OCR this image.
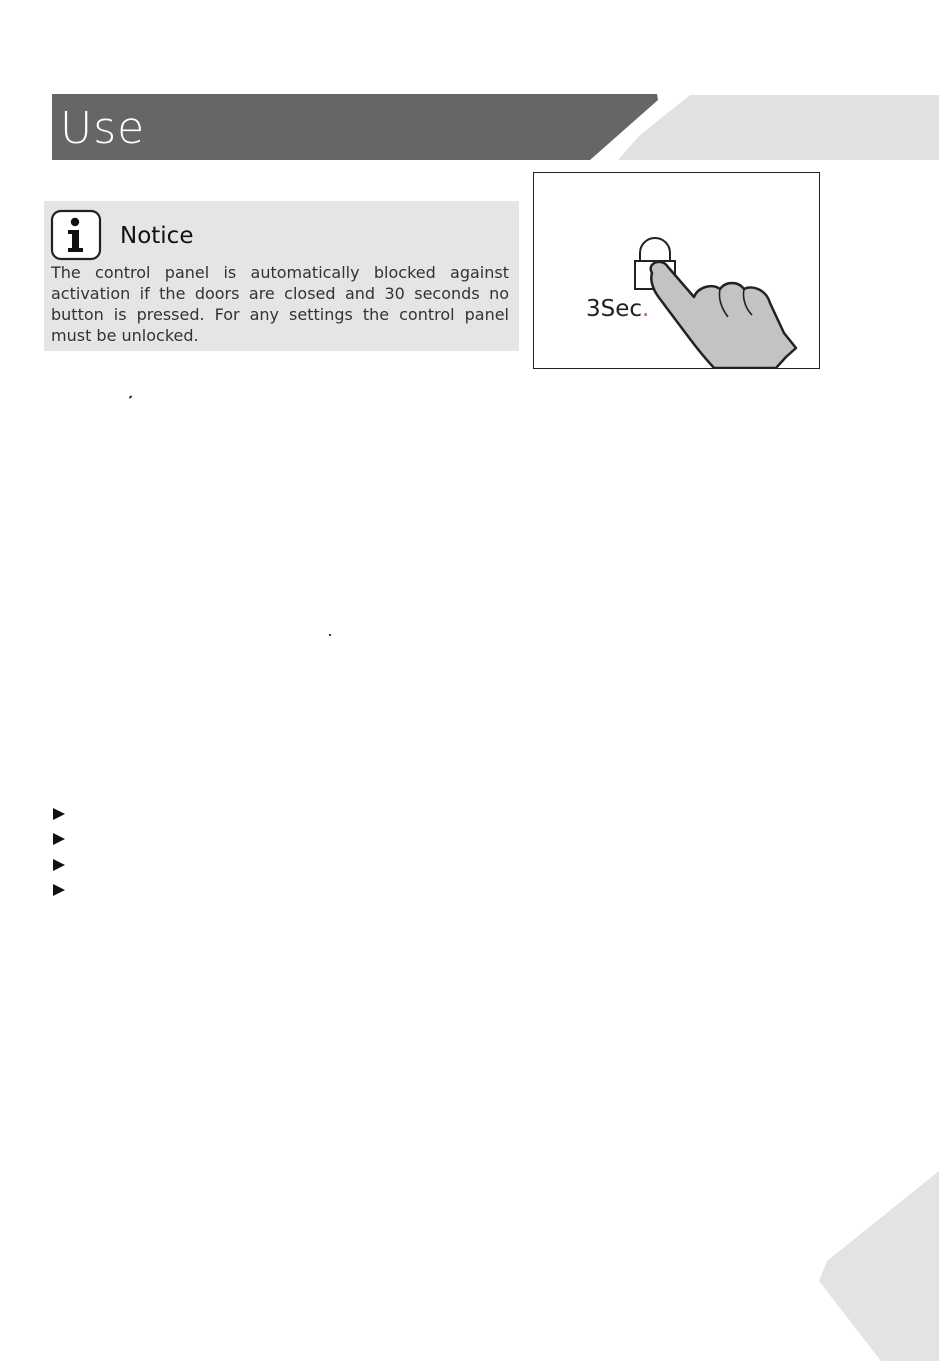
Use
Notice

The control panel is automatically blocked against activation if the doors are closed and 30 seconds no button is pressed. For any settings the control panel must be unlocked.

3Sec.
